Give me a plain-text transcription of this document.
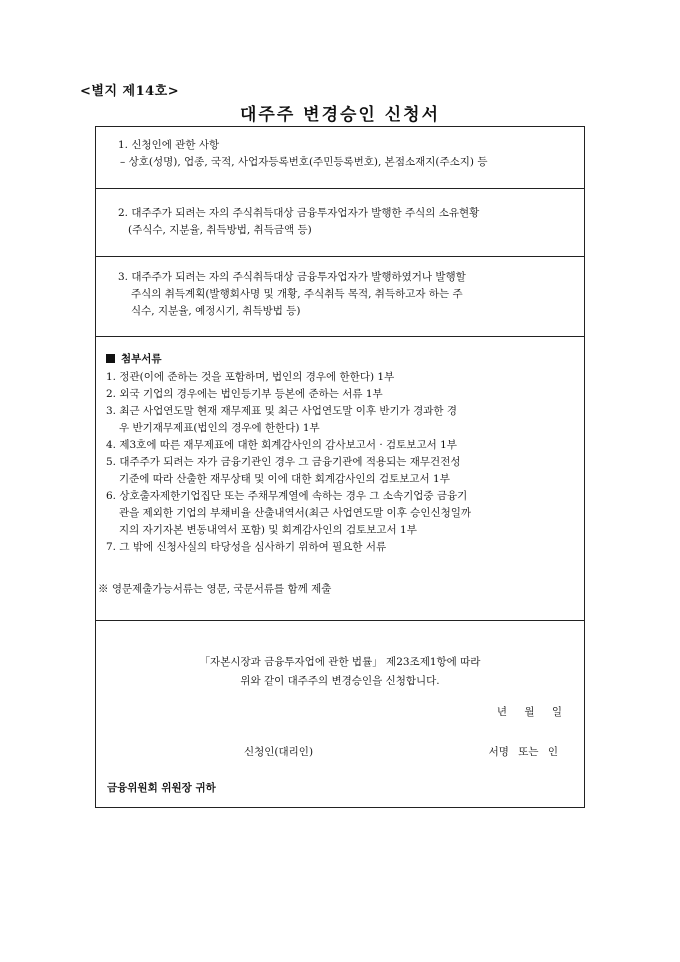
<별지 제14호>
대주주 변경승인 신청서
1. 신청인에 관한 사항
– 상호(성명), 업종, 국적, 사업자등록번호(주민등록번호), 본점소재지(주소지) 등
2. 대주주가 되려는 자의 주식취득대상 금융투자업자가 발행한 주식의 소유현황
(주식수, 지분율, 취득방법, 취득금액 등)
3. 대주주가 되려는 자의 주식취득대상 금융투자업자가 발행하였거나 발행할
주식의 취득계획(발행회사명 및 개황, 주식취득 목적, 취득하고자 하는 주
식수, 지분율, 예정시기, 취득방법 등)
첨부서류
1. 정관(이에 준하는 것을 포함하며, 법인의 경우에 한한다) 1부
2. 외국 기업의 경우에는 법인등기부 등본에 준하는 서류 1부
3. 최근 사업연도말 현재 재무제표 및 최근 사업연도말 이후 반기가 경과한 경
우 반기재무제표(법인의 경우에 한한다) 1부
4. 제3호에 따른 재무제표에 대한 회계감사인의 감사보고서 · 검토보고서 1부
5. 대주주가 되려는 자가 금융기관인 경우 그 금융기관에 적용되는 재무건전성
기준에 따라 산출한 재무상태 및 이에 대한 회계감사인의 검토보고서 1부
6. 상호출자제한기업집단 또는 주채무계열에 속하는 경우 그 소속기업중 금융기
관을 제외한 기업의 부채비율 산출내역서(최근 사업연도말 이후 승인신청일까
지의 자기자본 변동내역서 포함) 및 회계감사인의 검토보고서 1부
7. 그 밖에 신청사실의 타당성을 심사하기 위하여 필요한 서류
※ 영문제출가능서류는 영문, 국문서류를 함께 제출
「자본시장과 금융투자업에 관한 법률」 제23조제1항에 따라
위와 같이 대주주의 변경승인을 신청합니다.
년 월 일
신청인(대리인)	서명 또는 인
금융위원회 위원장 귀하
